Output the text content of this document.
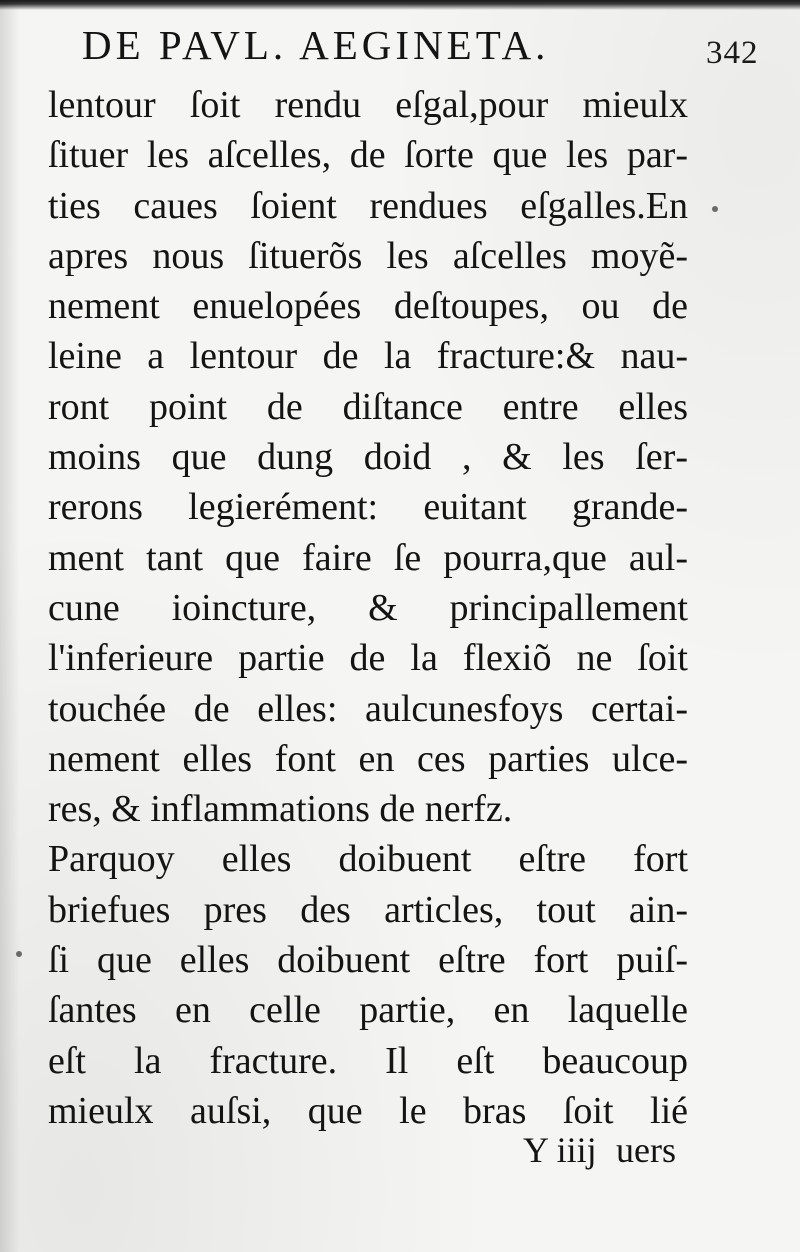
DE PAVL. AEGINETA.	342
lentour ſoit rendu eſgal,pour mieulx
ſituer les aſcelles, de ſorte que les par‑
ties caues ſoient rendues eſgalles.En
apres nous ſituerõs les aſcelles moyẽ‑
nement enuelopées deſtoupes, ou de
leine a lentour de la fracture:& nau‑
ront point de diſtance entre elles
moins que dung doid , & les ſer‑
rerons legierément: euitant grande‑
ment tant que faire ſe pourra,que aul‑
cune ioincture, & principallement
l'inferieure partie de la flexiõ ne ſoit
touchée de elles: aulcunesfoys certai‑
nement elles font en ces parties ulce‑
res, & inflammations de nerfz.
Parquoy elles doibuent eſtre fort
briefues pres des articles, tout ain‑
ſi que elles doibuent eſtre fort puiſ‑
ſantes en celle partie, en laquelle
eſt la fracture. Il eſt beaucoup
mieulx auſsi, que le bras ſoit lié
Y iiij uers
